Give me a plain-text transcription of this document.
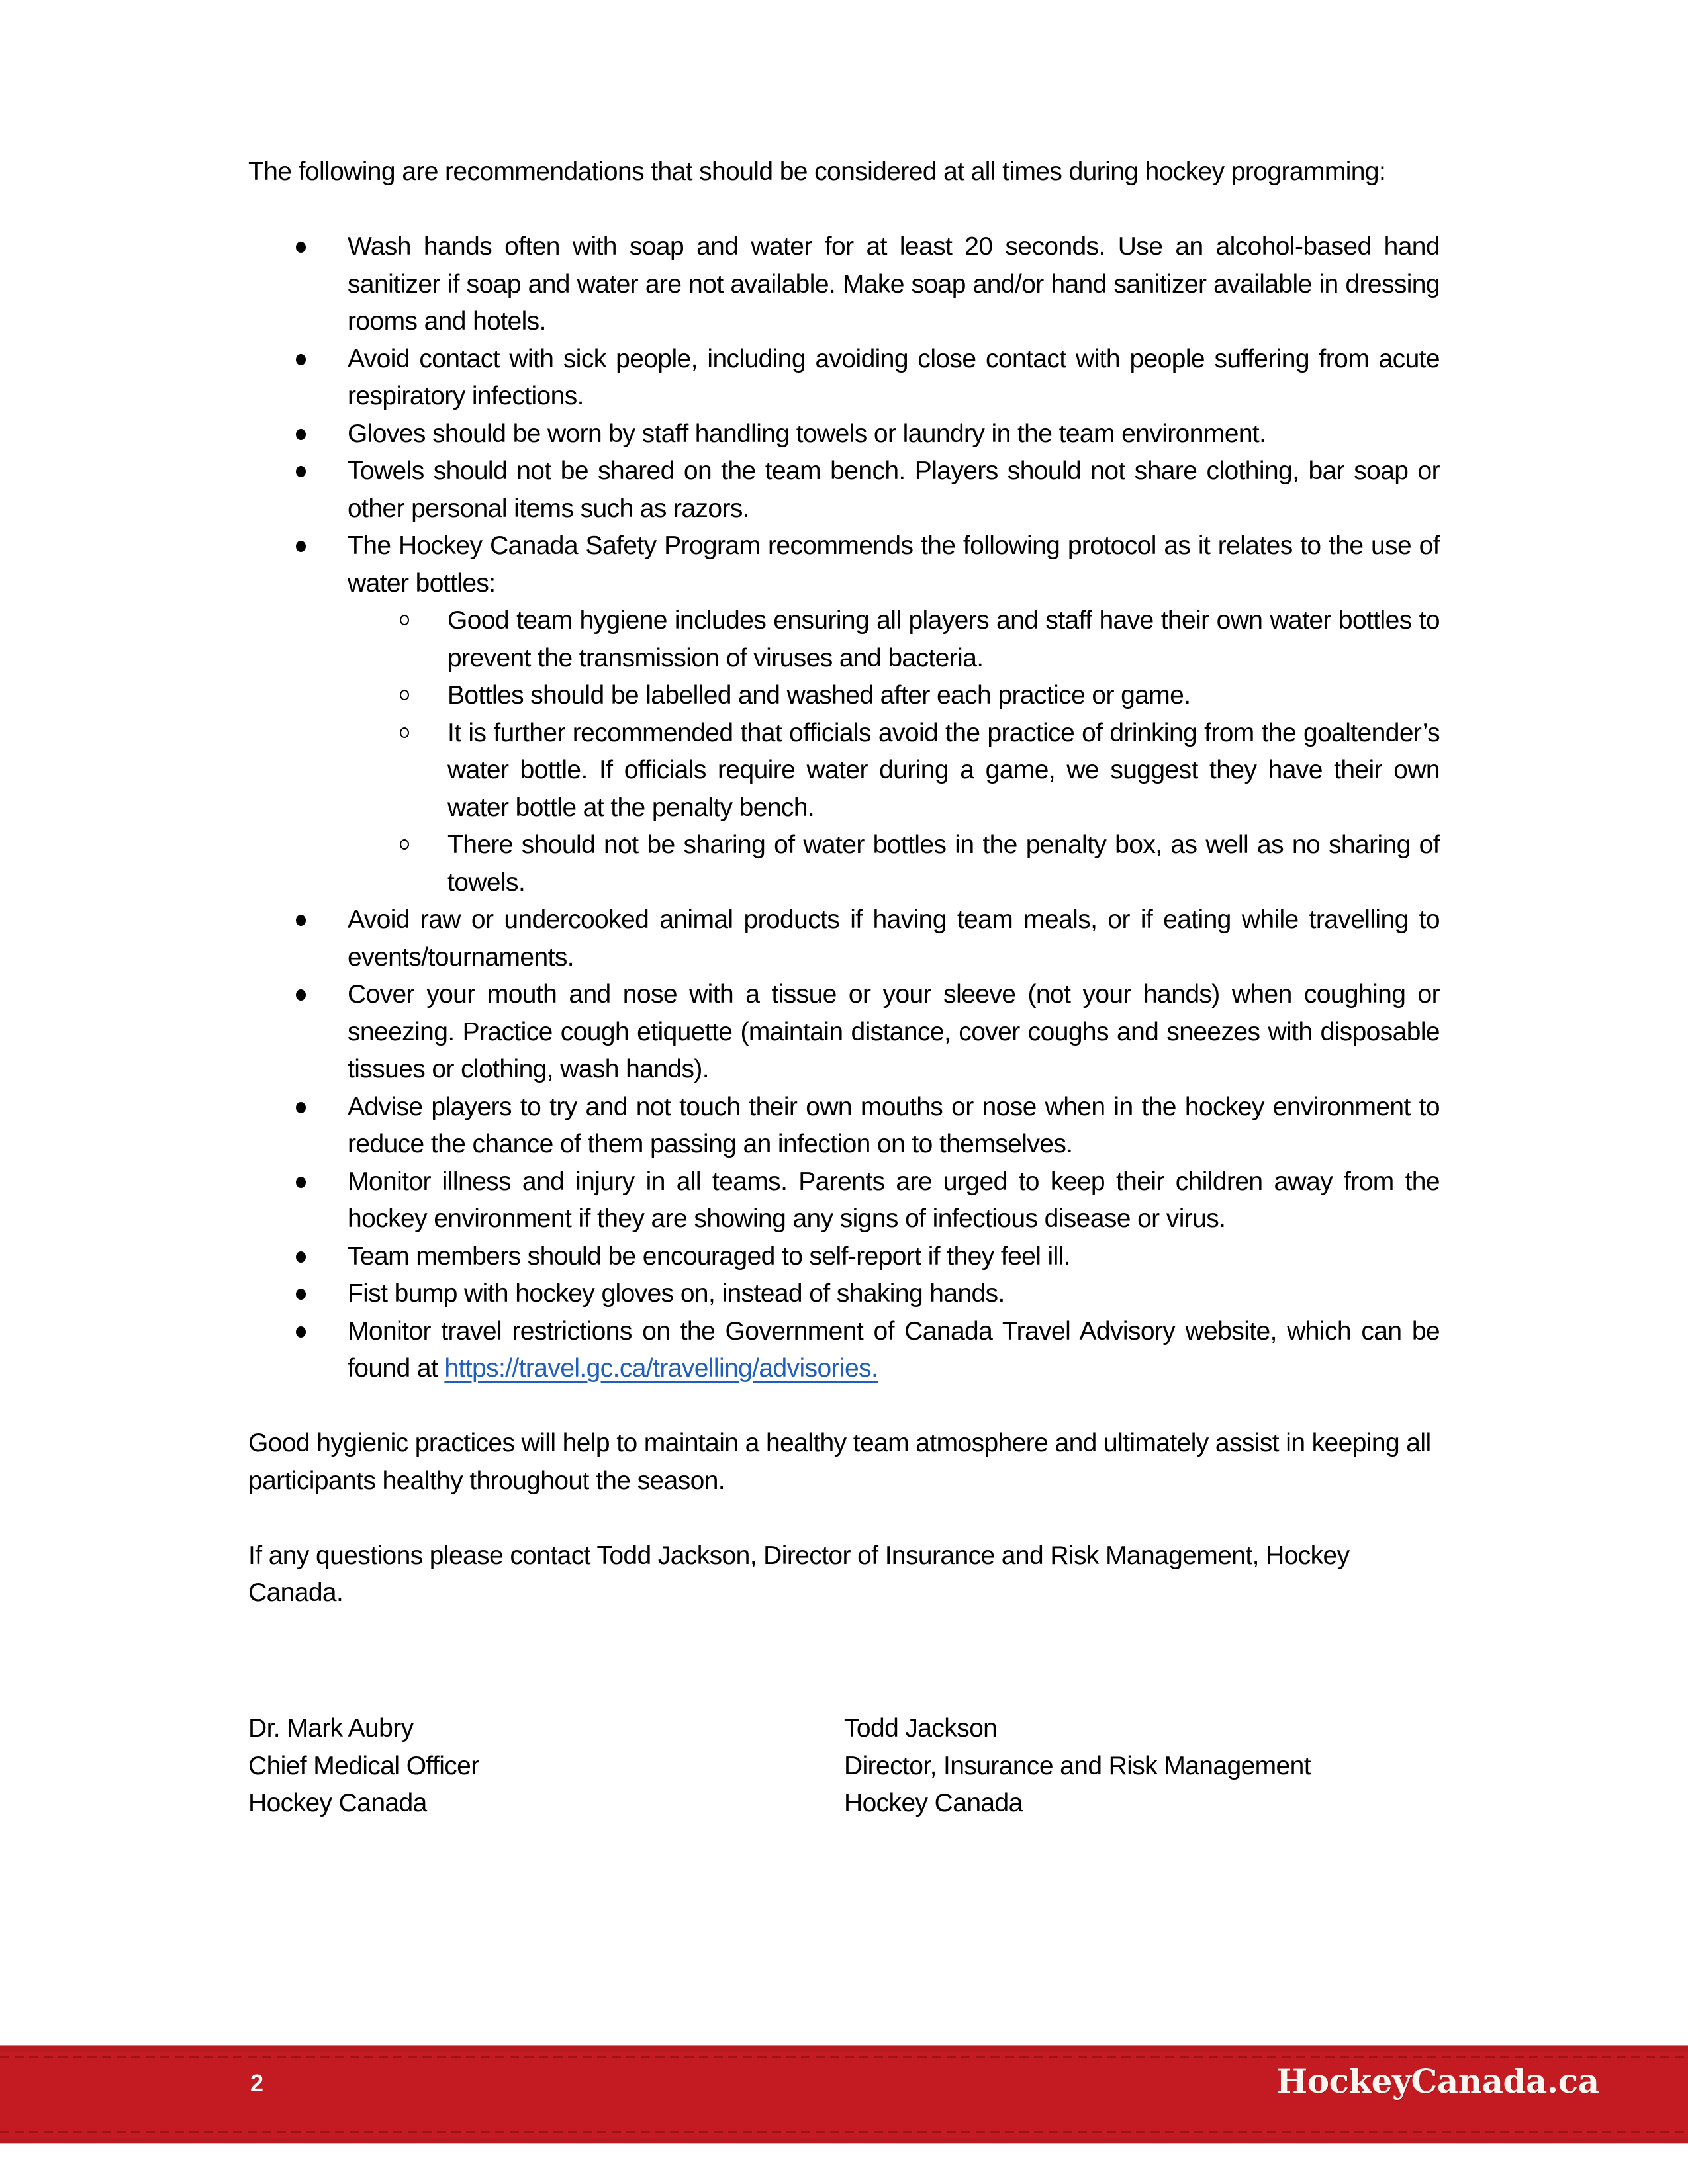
The following are recommendations that should be considered at all times during hockey programming:

Wash hands often with soap and water for at least 20 seconds. Use an alcohol-based hand sanitizer if soap and water are not available. Make soap and/or hand sanitizer available in dressing rooms and hotels.
Avoid contact with sick people, including avoiding close contact with people suffering from acute respiratory infections.
Gloves should be worn by staff handling towels or laundry in the team environment.
Towels should not be shared on the team bench. Players should not share clothing, bar soap or other personal items such as razors.
The Hockey Canada Safety Program recommends the following protocol as it relates to the use of water bottles:
Good team hygiene includes ensuring all players and staff have their own water bottles to prevent the transmission of viruses and bacteria.
Bottles should be labelled and washed after each practice or game.
It is further recommended that officials avoid the practice of drinking from the goaltender’s water bottle. If officials require water during a game, we suggest they have their own water bottle at the penalty bench.
There should not be sharing of water bottles in the penalty box, as well as no sharing of towels.
Avoid raw or undercooked animal products if having team meals, or if eating while travelling to events/tournaments.
Cover your mouth and nose with a tissue or your sleeve (not your hands) when coughing or sneezing. Practice cough etiquette (maintain distance, cover coughs and sneezes with disposable tissues or clothing, wash hands).
Advise players to try and not touch their own mouths or nose when in the hockey environment to reduce the chance of them passing an infection on to themselves.
Monitor illness and injury in all teams. Parents are urged to keep their children away from the hockey environment if they are showing any signs of infectious disease or virus.
Team members should be encouraged to self-report if they feel ill.
Fist bump with hockey gloves on, instead of shaking hands.
Monitor travel restrictions on the Government of Canada Travel Advisory website, which can be found at https://travel.gc.ca/travelling/advisories.

Good hygienic practices will help to maintain a healthy team atmosphere and ultimately assist in keeping all participants healthy throughout the season.

If any questions please contact Todd Jackson, Director of Insurance and Risk Management, Hockey Canada.

Dr. Mark Aubry
Chief Medical Officer
Hockey Canada
Todd Jackson
Director, Insurance and Risk Management
Hockey Canada
2	HockeyCanada.ca
